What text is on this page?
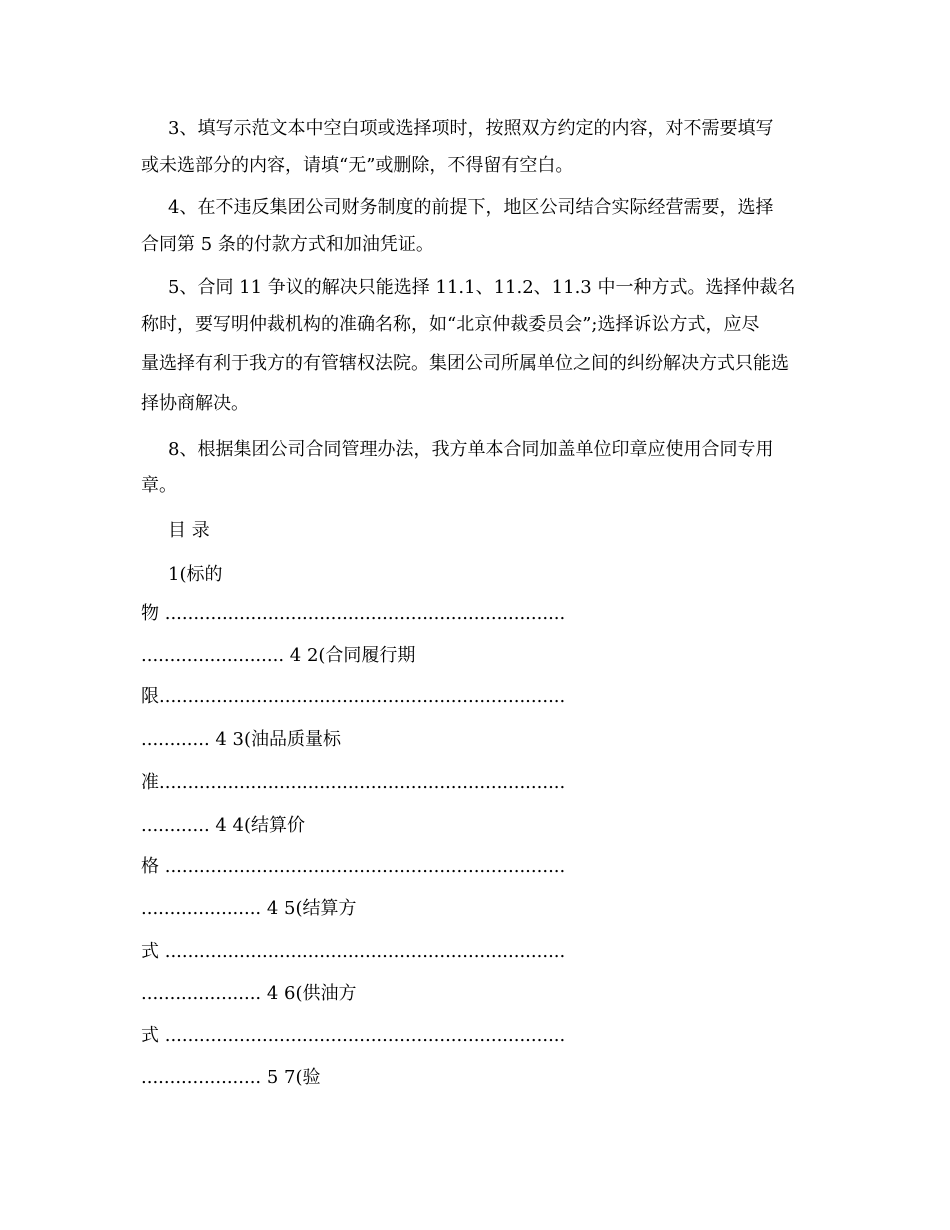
3、填写示范文本中空白项或选择项时，按照双方约定的内容，对不需要填写
或未选部分的内容，请填“无”或删除，不得留有空白。
4、在不违反集团公司财务制度的前提下，地区公司结合实际经营需要，选择
合同第 5 条的付款方式和加油凭证。
5、合同 11 争议的解决只能选择 11.1、11.2、11.3 中一种方式。选择仲裁名
称时，要写明仲裁机构的准确名称，如“北京仲裁委员会”;选择诉讼方式，应尽
量选择有利于我方的有管辖权法院。集团公司所属单位之间的纠纷解决方式只能选
择协商解决。
8、根据集团公司合同管理办法，我方单本合同加盖单位印章应使用合同专用
章。
目 录
1(标的
物 ......................................................................
......................... 4 2(合同履行期
限.......................................................................
............ 4 3(油品质量标
准.......................................................................
............ 4 4(结算价
格 ......................................................................
..................... 4 5(结算方
式 ......................................................................
..................... 4 6(供油方
式 ......................................................................
..................... 5 7(验
